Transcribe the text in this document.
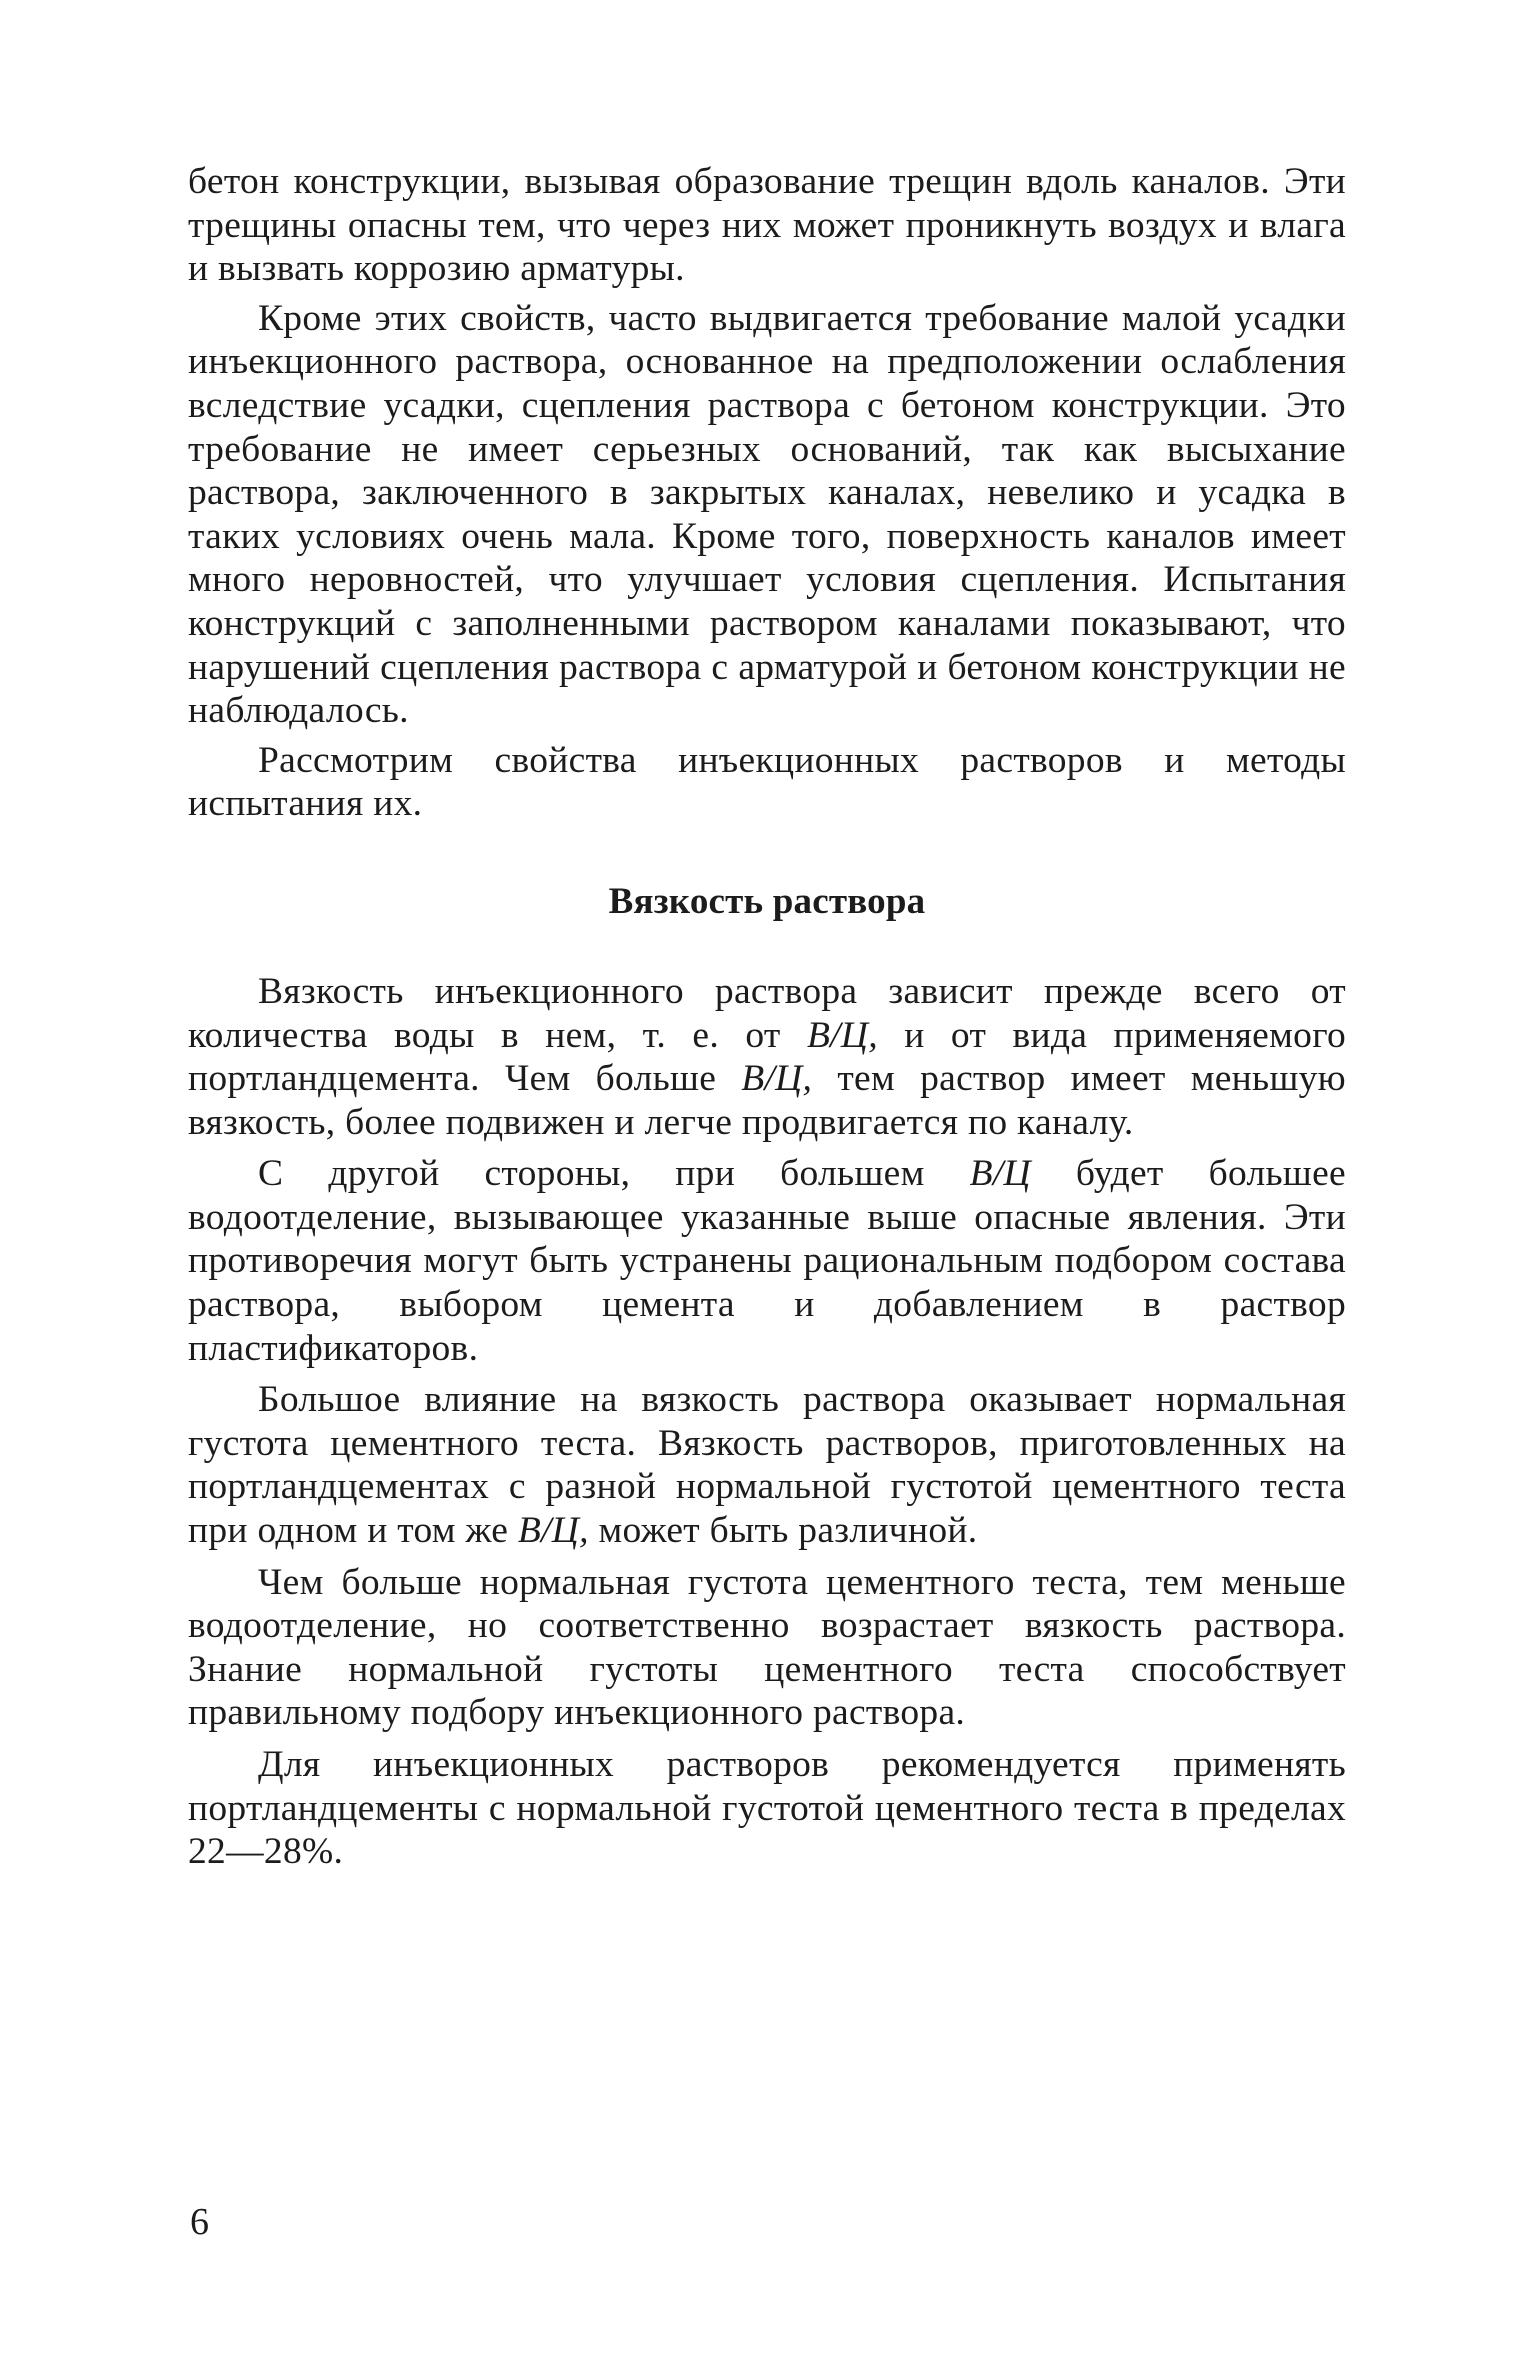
бетон конструкции, вызывая образование трещин вдоль каналов. Эти трещины опасны тем, что через них может проникнуть воздух и влага и вызвать коррозию арматуры.

Кроме этих свойств, часто выдвигается требование малой усадки инъекционного раствора, основанное на предположении ослабления вследствие усадки, сцепления раствора с бетоном конструкции. Это требование не имеет серьезных оснований, так как высыхание раствора, заключенного в закрытых каналах, невелико и усадка в таких условиях очень мала. Кроме того, поверхность каналов имеет много неровностей, что улучшает условия сцепления. Испытания конструкций с заполненными раствором каналами показывают, что нарушений сцепления раствора с арматурой и бетоном конструкции не наблюдалось.

Рассмотрим свойства инъекционных растворов и методы испытания их.

Вязкость раствора

Вязкость инъекционного раствора зависит прежде всего от количества воды в нем, т. е. от В/Ц, и от вида применяемого портландцемента. Чем больше В/Ц, тем раствор имеет меньшую вязкость, более подвижен и легче продвигается по каналу.

С другой стороны, при большем В/Ц будет большее водоотделение, вызывающее указанные выше опасные явления. Эти противоречия могут быть устранены рациональным подбором состава раствора, выбором цемента и добавлением в раствор пластификаторов.

Большое влияние на вязкость раствора оказывает нормальная густота цементного теста. Вязкость растворов, приготовленных на портландцементах с разной нормальной густотой цементного теста при одном и том же В/Ц, может быть различной.

Чем больше нормальная густота цементного теста, тем меньше водоотделение, но соответственно возрастает вязкость раствора. Знание нормальной густоты цементного теста способствует правильному подбору инъекционного раствора.

Для инъекционных растворов рекомендуется применять портландцементы с нормальной густотой цементного теста в пределах 22—28%.

6
